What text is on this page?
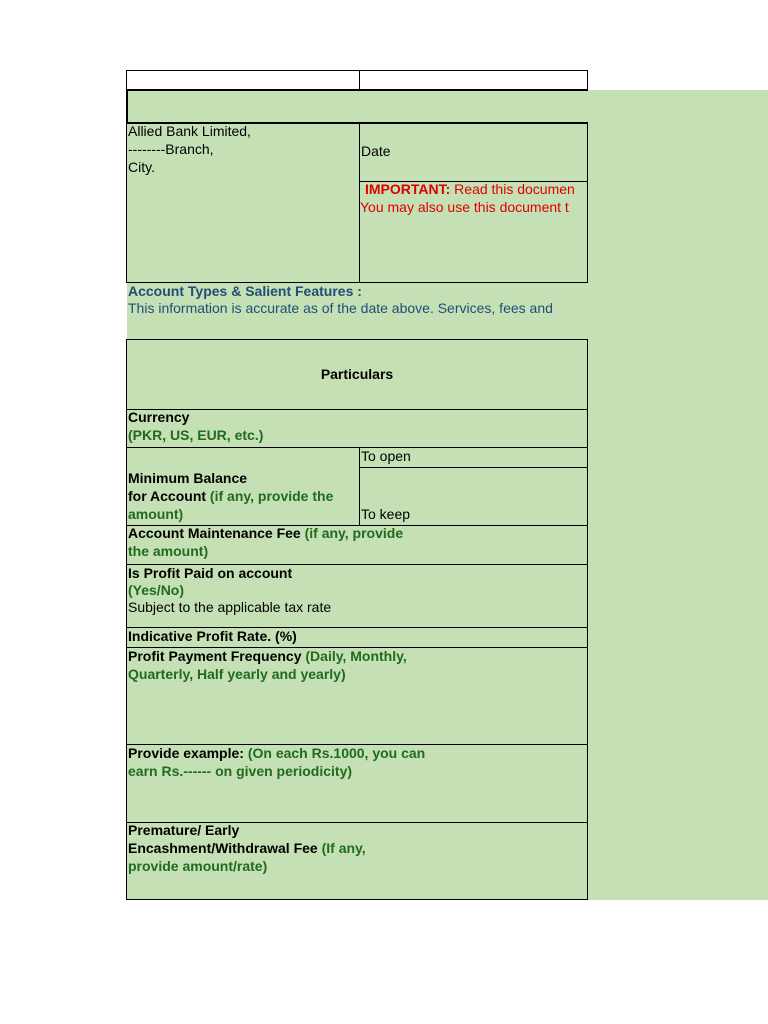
Allied Bank Limited,
--------Branch,
City.
Date
IMPORTANT: Read this documen
You may also use this document t
Account Types & Salient Features :
This information is accurate as of the date above. Services, fees and
Particulars
Currency
(PKR, US, EUR, etc.)
Minimum Balance
for Account (if any, provide the
amount)
To open
To keep
Account Maintenance Fee (if any, provide
the amount)
Is Profit Paid on account
(Yes/No)
Subject to the applicable tax rate
Indicative Profit Rate. (%)
Profit Payment Frequency (Daily, Monthly,
Quarterly, Half yearly and yearly)
Provide example: (On each Rs.1000, you can
earn Rs.------ on given periodicity)
Premature/ Early
Encashment/Withdrawal Fee (If any,
provide amount/rate)
